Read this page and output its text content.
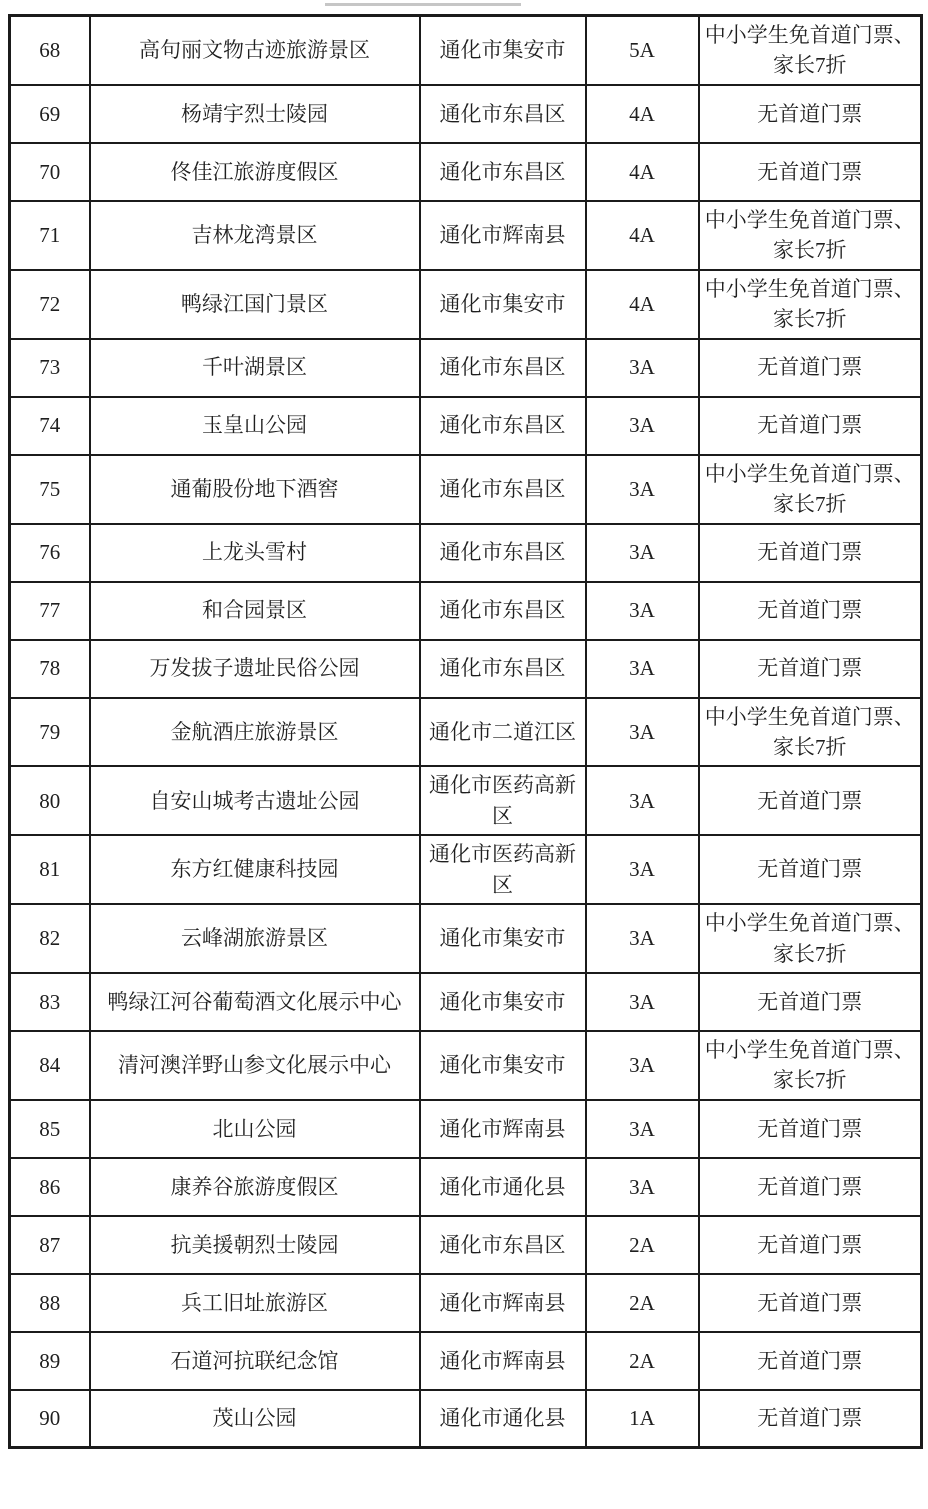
68	高句丽文物古迹旅游景区	通化市集安市	5A	中小学生免首道门票、家长7折
69	杨靖宇烈士陵园	通化市东昌区	4A	无首道门票
70	佟佳江旅游度假区	通化市东昌区	4A	无首道门票
71	吉林龙湾景区	通化市辉南县	4A	中小学生免首道门票、家长7折
72	鸭绿江国门景区	通化市集安市	4A	中小学生免首道门票、家长7折
73	千叶湖景区	通化市东昌区	3A	无首道门票
74	玉皇山公园	通化市东昌区	3A	无首道门票
75	通葡股份地下酒窖	通化市东昌区	3A	中小学生免首道门票、家长7折
76	上龙头雪村	通化市东昌区	3A	无首道门票
77	和合园景区	通化市东昌区	3A	无首道门票
78	万发拔子遗址民俗公园	通化市东昌区	3A	无首道门票
79	金航酒庄旅游景区	通化市二道江区	3A	中小学生免首道门票、家长7折
80	自安山城考古遗址公园	通化市医药高新区	3A	无首道门票
81	东方红健康科技园	通化市医药高新区	3A	无首道门票
82	云峰湖旅游景区	通化市集安市	3A	中小学生免首道门票、家长7折
83	鸭绿江河谷葡萄酒文化展示中心	通化市集安市	3A	无首道门票
84	清河澳洋野山参文化展示中心	通化市集安市	3A	中小学生免首道门票、家长7折
85	北山公园	通化市辉南县	3A	无首道门票
86	康养谷旅游度假区	通化市通化县	3A	无首道门票
87	抗美援朝烈士陵园	通化市东昌区	2A	无首道门票
88	兵工旧址旅游区	通化市辉南县	2A	无首道门票
89	石道河抗联纪念馆	通化市辉南县	2A	无首道门票
90	茂山公园	通化市通化县	1A	无首道门票
